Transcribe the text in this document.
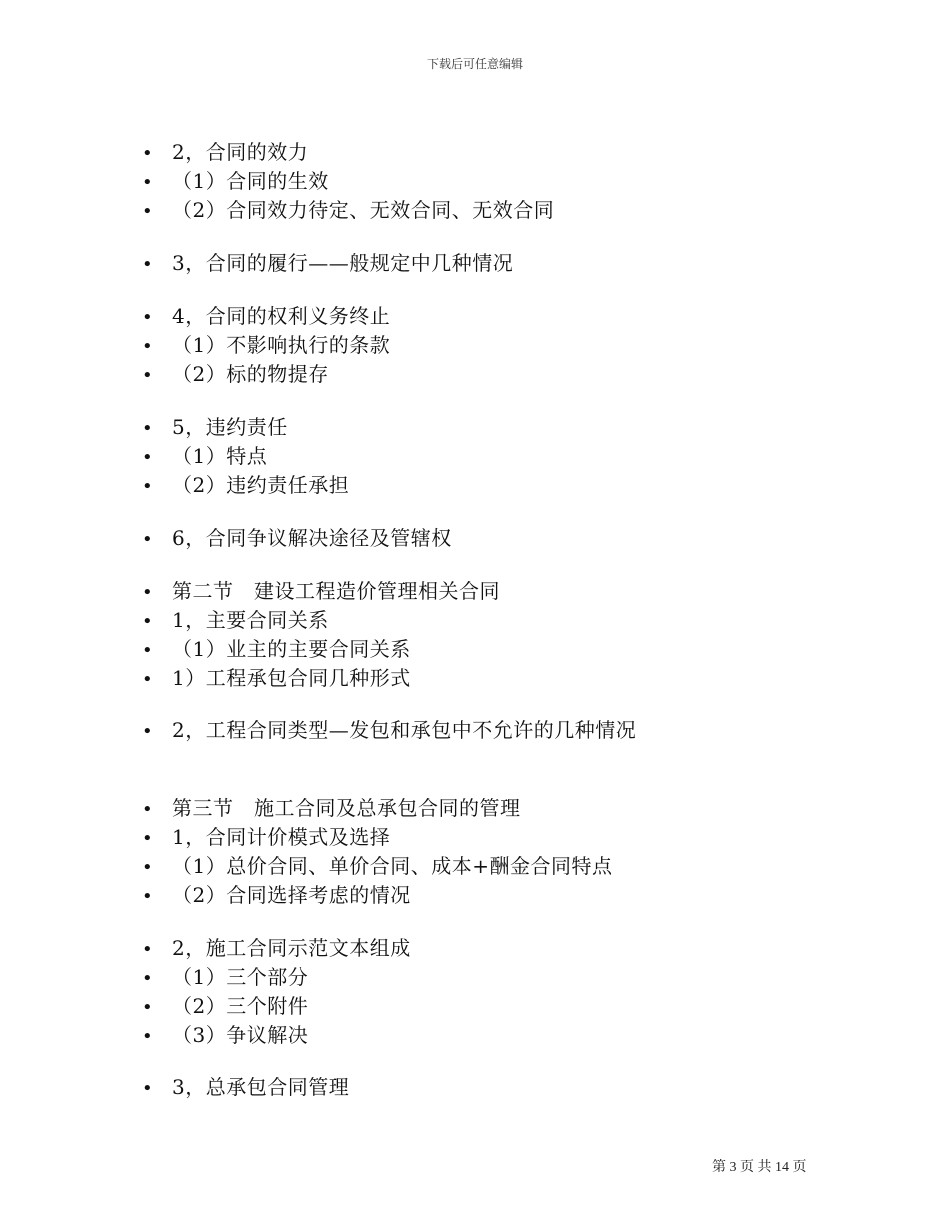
下载后可任意编辑
• 2，合同的效力
• （1）合同的生效
• （2）合同效力待定、无效合同、无效合同
• 3，合同的履行——般规定中几种情况
• 4，合同的权利义务终止
• （1）不影响执行的条款
• （2）标的物提存
• 5，违约责任
• （1）特点
• （2）违约责任承担
• 6，合同争议解决途径及管辖权
• 第二节　建设工程造价管理相关合同
• 1，主要合同关系
• （1）业主的主要合同关系
• 1）工程承包合同几种形式
• 2，工程合同类型—发包和承包中不允许的几种情况
• 第三节　施工合同及总承包合同的管理
• 1，合同计价模式及选择
• （1）总价合同、单价合同、成本+酬金合同特点
• （2）合同选择考虑的情况
• 2，施工合同示范文本组成
• （1）三个部分
• （2）三个附件
• （3）争议解决
• 3，总承包合同管理
第 3 页 共 14 页
